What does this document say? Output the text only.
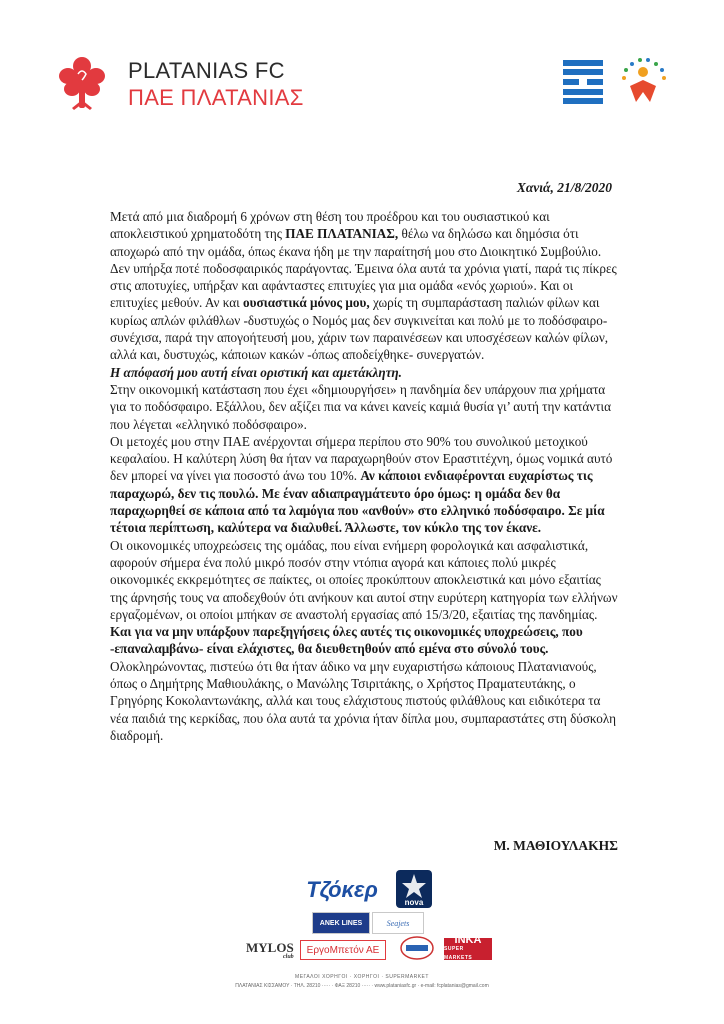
PLATANIAS FC
ΠΑΕ ΠΛΑΤΑΝΙΑΣ
Χανιά, 21/8/2020

Μετά από μια διαδρομή 6 χρόνων στη θέση του προέδρου και του ουσιαστικού και αποκλειστικού χρηματοδότη της ΠΑΕ ΠΛΑΤΑΝΙΑΣ, θέλω να δηλώσω και δημόσια ότι αποχωρώ από την ομάδα, όπως έκανα ήδη με την παραίτησή μου στο Διοικητικό Συμβούλιο.

Δεν υπήρξα ποτέ ποδοσφαιρικός παράγοντας. Έμεινα όλα αυτά τα χρόνια γιατί, παρά τις πίκρες στις αποτυχίες, υπήρξαν και αφάνταστες επιτυχίες για μια ομάδα «ενός χωριού». Και οι επιτυχίες μεθούν. Αν και ουσιαστικά μόνος μου, χωρίς τη συμπαράσταση παλιών φίλων και κυρίως απλών φιλάθλων -δυστυχώς ο Νομός μας δεν συγκινείται και πολύ με το ποδόσφαιρο- συνέχισα, παρά την απογοήτευσή μου, χάριν των παραινέσεων και υποσχέσεων καλών φίλων, αλλά και, δυστυχώς, κάποιων κακών -όπως αποδείχθηκε- συνεργατών.

Η απόφασή μου αυτή είναι οριστική και αμετάκλητη.

Στην οικονομική κατάσταση που έχει «δημιουργήσει» η πανδημία δεν υπάρχουν πια χρήματα για το ποδόσφαιρο. Εξάλλου, δεν αξίζει πια να κάνει κανείς καμιά θυσία γι’ αυτή την κατάντια που λέγεται «ελληνικό ποδόσφαιρο».

Οι μετοχές μου στην ΠΑΕ ανέρχονται σήμερα περίπου στο 90% του συνολικού μετοχικού κεφαλαίου. Η καλύτερη λύση θα ήταν να παραχωρηθούν στον Εραστιτέχνη, όμως νομικά αυτό δεν μπορεί να γίνει για ποσοστό άνω του 10%. Αν κάποιοι ενδιαφέρονται ευχαρίστως τις παραχωρώ, δεν τις πουλώ. Με έναν αδιαπραγμάτευτο όρο όμως: η ομάδα δεν θα παραχωρηθεί σε κάποια από τα λαμόγια που «ανθούν» στο ελληνικό ποδόσφαιρο. Σε μία τέτοια περίπτωση, καλύτερα να διαλυθεί. Άλλωστε, τον κύκλο της τον έκανε.

Οι οικονομικές υποχρεώσεις της ομάδας, που είναι ενήμερη φορολογικά και ασφαλιστικά, αφορούν σήμερα ένα πολύ μικρό ποσόν στην ντόπια αγορά και κάποιες πολύ μικρές οικονομικές εκκρεμότητες σε παίκτες, οι οποίες προκύπτουν αποκλειστικά και μόνο εξαιτίας της άρνησής τους να αποδεχθούν ότι ανήκουν και αυτοί στην ευρύτερη κατηγορία των ελλήνων εργαζομένων, οι οποίοι μπήκαν σε αναστολή εργασίας από 15/3/20, εξαιτίας της πανδημίας. Και για να μην υπάρξουν παρεξηγήσεις όλες αυτές τις οικονομικές υποχρεώσεις, που -επαναλαμβάνω- είναι ελάχιστες, θα διευθετηθούν από εμένα στο σύνολό τους.

Ολοκληρώνοντας, πιστεύω ότι θα ήταν άδικο να μην ευχαριστήσω κάποιους Πλατανιανούς, όπως ο Δημήτρης Μαθιουλάκης, ο Μανώλης Τσιριτάκης, ο Χρήστος Πραματευτάκης, ο Γρηγόρης Κοκολαντωνάκης, αλλά και τους ελάχιστους πιστούς φιλάθλους και ειδικότερα τα νέα παιδιά της κερκίδας, που όλα αυτά τα χρόνια ήταν δίπλα μου, συμπαραστάτες στη δύσκολη διαδρομή.

Μ. ΜΑΘΙΟΥΛΑΚΗΣ
Τζόκερ
nova
ANEK LINES	Seajets
MYLOS
club
ΕργοΜπετόν ΑΕ
ΙΝΚΑ
SUPER MARKETS
ΜΕΓΑΛΟΙ ΧΟΡΗΓΟΙ · ΧΟΡΗΓΟΙ · SUPERMARKET
ΠΛΑΤΑΝΙΑΣ ΚΙΣΣΑΜΟΥ · ΤΗΛ. 28210 ····· · ΦΑΞ 28210 ····· · www.plataniasfc.gr · e-mail: fcplatanias@gmail.com
